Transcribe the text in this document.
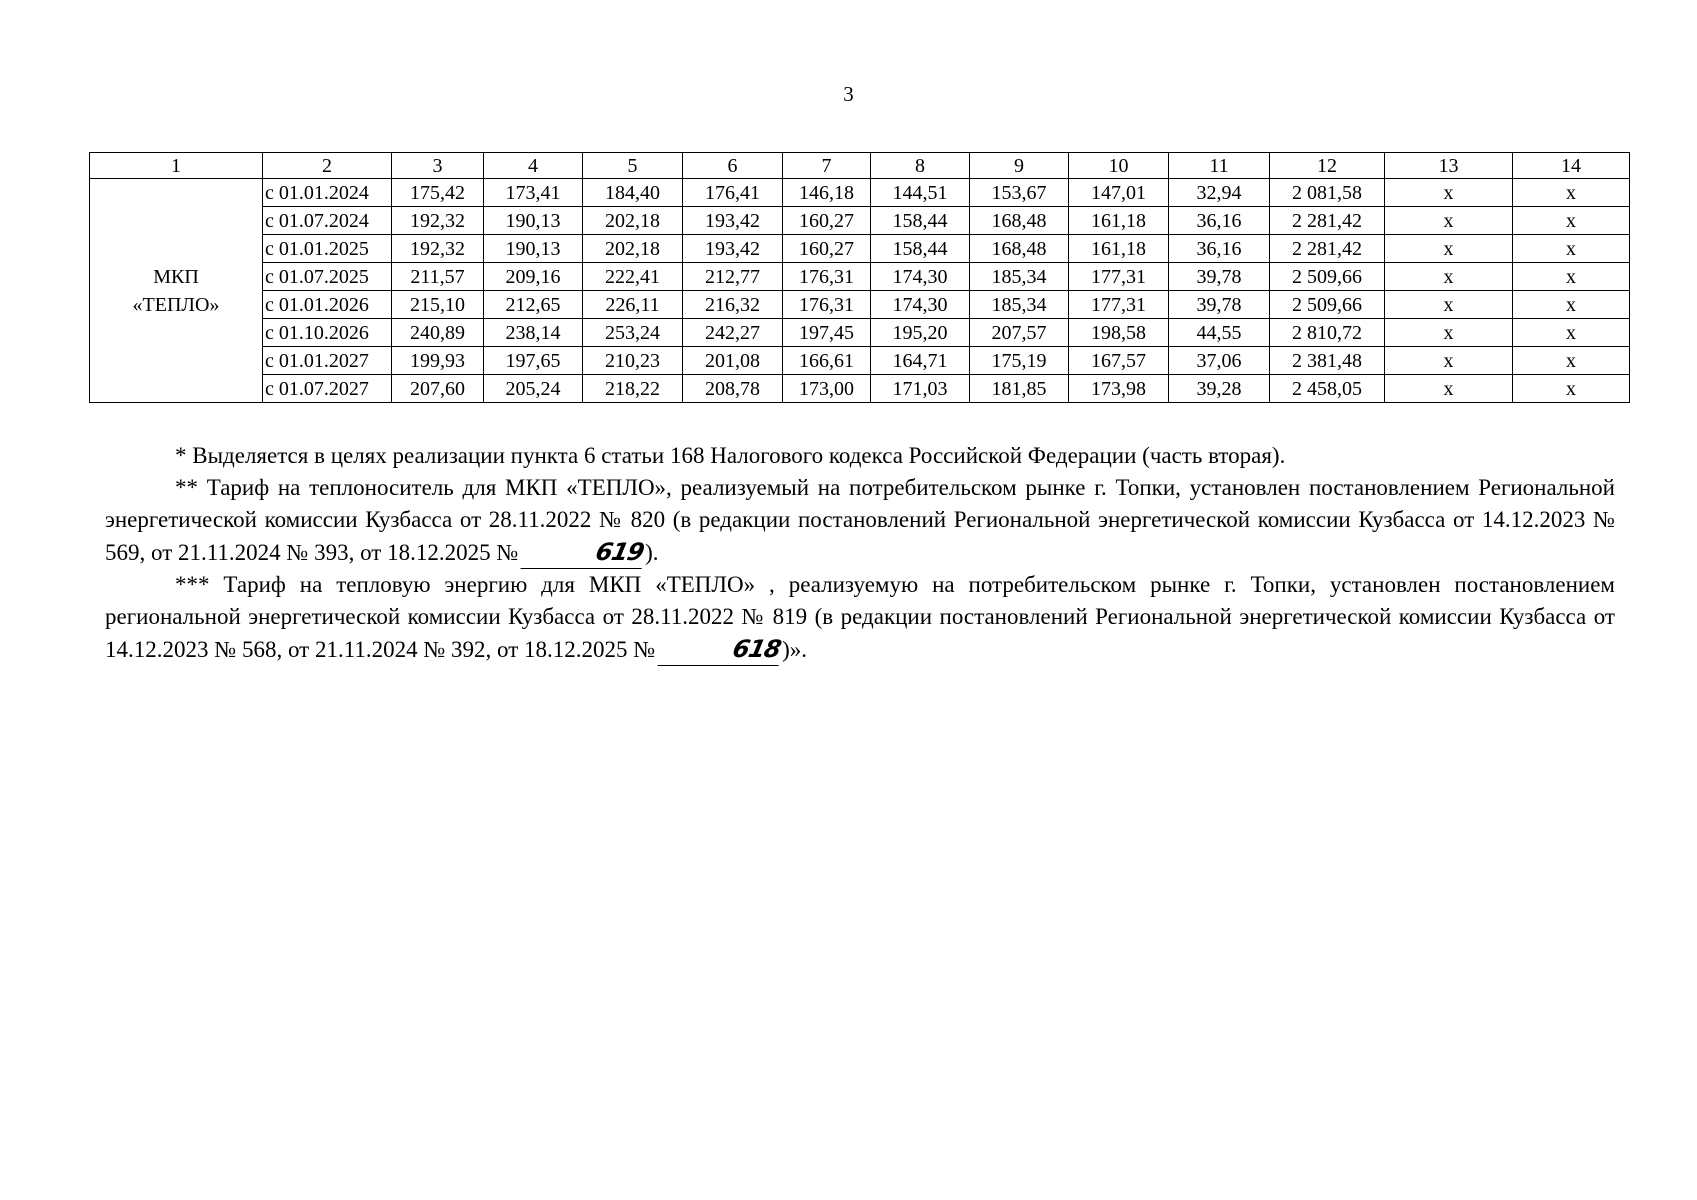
3
1	2	3	4	5	6	7	8	9	10	11	12	13	14
МКП
«ТЕПЛО»	с 01.01.2024	175,42	173,41	184,40	176,41	146,18	144,51	153,67	147,01	32,94	2 081,58	х	х
	с 01.07.2024	192,32	190,13	202,18	193,42	160,27	158,44	168,48	161,18	36,16	2 281,42	х	х
	с 01.01.2025	192,32	190,13	202,18	193,42	160,27	158,44	168,48	161,18	36,16	2 281,42	х	х
	с 01.07.2025	211,57	209,16	222,41	212,77	176,31	174,30	185,34	177,31	39,78	2 509,66	х	х
	с 01.01.2026	215,10	212,65	226,11	216,32	176,31	174,30	185,34	177,31	39,78	2 509,66	х	х
	с 01.10.2026	240,89	238,14	253,24	242,27	197,45	195,20	207,57	198,58	44,55	2 810,72	х	х
	с 01.01.2027	199,93	197,65	210,23	201,08	166,61	164,71	175,19	167,57	37,06	2 381,48	х	х
	с 01.07.2027	207,60	205,24	218,22	208,78	173,00	171,03	181,85	173,98	39,28	2 458,05	х	х

* Выделяется в целях реализации пункта 6 статьи 168 Налогового кодекса Российской Федерации (часть вторая).

** Тариф на теплоноситель для МКП «ТЕПЛО», реализуемый на потребительском рынке г. Топки, установлен постановлением Региональной энергетической комиссии Кузбасса от 28.11.2022 № 820 (в редакции постановлений Региональной энергетической комиссии Кузбасса от 14.12.2023 № 569, от 21.11.2024 № 393, от 18.12.2025 №	619).

*** Тариф на тепловую энергию для МКП «ТЕПЛО» , реализуемую на потребительском рынке г. Топки, установлен постановлением региональной энергетической комиссии Кузбасса от 28.11.2022 № 819 (в редакции постановлений Региональной энергетической комиссии Кузбасса от 14.12.2023 № 568, от 21.11.2024 № 392, от 18.12.2025 №	618)».
